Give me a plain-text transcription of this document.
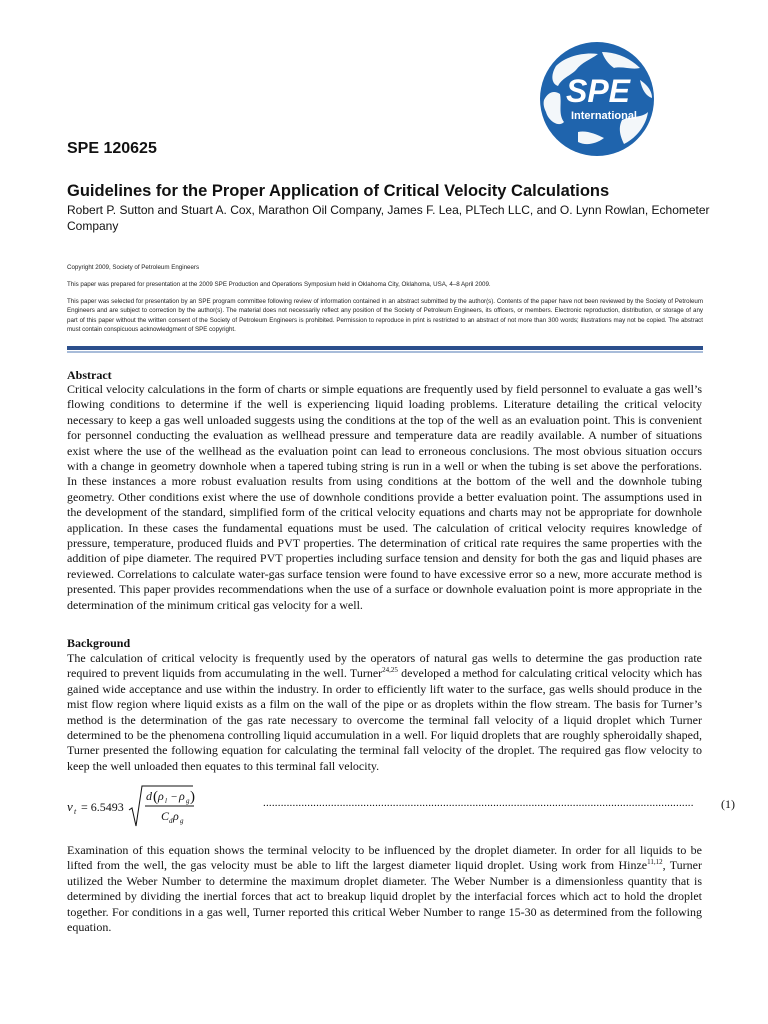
SPE
International
SPE 120625
Guidelines for the Proper Application of Critical Velocity Calculations
Robert P. Sutton and Stuart A. Cox, Marathon Oil Company, James F. Lea, PLTech LLC, and O. Lynn Rowlan, Echometer Company
Copyright 2009, Society of Petroleum Engineers
This paper was prepared for presentation at the 2009 SPE Production and Operations Symposium held in Oklahoma City, Oklahoma, USA, 4–8 April 2009.
This paper was selected for presentation by an SPE program committee following review of information contained in an abstract submitted by the author(s). Contents of the paper have not been reviewed by the Society of Petroleum Engineers and are subject to correction by the author(s). The material does not necessarily reflect any position of the Society of Petroleum Engineers, its officers, or members. Electronic reproduction, distribution, or storage of any part of this paper without the written consent of the Society of Petroleum Engineers is prohibited. Permission to reproduce in print is restricted to an abstract of not more than 300 words; illustrations may not be copied. The abstract must contain conspicuous acknowledgment of SPE copyright.
Abstract
Critical velocity calculations in the form of charts or simple equations are frequently used by field personnel to evaluate a gas well’s flowing conditions to determine if the well is experiencing liquid loading problems. Literature detailing the critical velocity necessary to keep a gas well unloaded suggests using the conditions at the top of the well as an evaluation point. This is convenient for personnel conducting the evaluation as wellhead pressure and temperature data are readily available. A number of situations exist where the use of the wellhead as the evaluation point can lead to erroneous conclusions. The most obvious situation occurs with a change in geometry downhole when a tapered tubing string is run in a well or when the tubing is set above the perforations. In these instances a more robust evaluation results from using conditions at the bottom of the well and the downhole tubing geometry. Other conditions exist where the use of downhole conditions provide a better evaluation point. The assumptions used in the development of the standard, simplified form of the critical velocity equations and charts may not be appropriate for downhole application. In these cases the fundamental equations must be used. The calculation of critical velocity requires knowledge of pressure, temperature, produced fluids and PVT properties. The determination of critical rate requires the same properties with the addition of pipe diameter. The required PVT properties including surface tension and density for both the gas and liquid phases are reviewed. Correlations to calculate water-gas surface tension were found to have excessive error so a new, more accurate method is presented. This paper provides recommendations when the use of a surface or downhole evaluation point is more appropriate in the determination of the minimum critical gas velocity for a well.
Background
The calculation of critical velocity is frequently used by the operators of natural gas wells to determine the gas production rate required to prevent liquids from accumulating in the well. Turner$^{24,25}$ developed a method for calculating critical velocity which has gained wide acceptance and use within the industry. In order to efficiently lift water to the surface, gas wells should produce in the mist flow region where liquid exists as a film on the wall of the pipe or as droplets within the flow stream. The basis for Turner’s method is the determination of the gas rate necessary to overcome the terminal fall velocity of a liquid droplet which Turner determined to be the phenomena controlling liquid accumulation in a well. For liquid droplets that are roughly spheroidally shaped, Turner presented the following equation for calculating the terminal fall velocity of the droplet. The required gas flow velocity to keep the well unloaded then equates to this terminal fall velocity.
v t = 6.5493
d ( ρ l − ρ g )
C d ρ g
..................................................................................................................................................	(1)
Examination of this equation shows the terminal velocity to be influenced by the droplet diameter. In order for all liquids to be lifted from the well, the gas velocity must be able to lift the largest diameter liquid droplet. Using work from Hinze$^{11,12}$, Turner utilized the Weber Number to determine the maximum droplet diameter. The Weber Number is a dimensionless quantity that is determined by dividing the inertial forces that act to breakup liquid droplet by the interfacial forces which act to hold the droplet together. For conditions in a gas well, Turner reported this critical Weber Number to range 15-30 as determined from the following equation.
